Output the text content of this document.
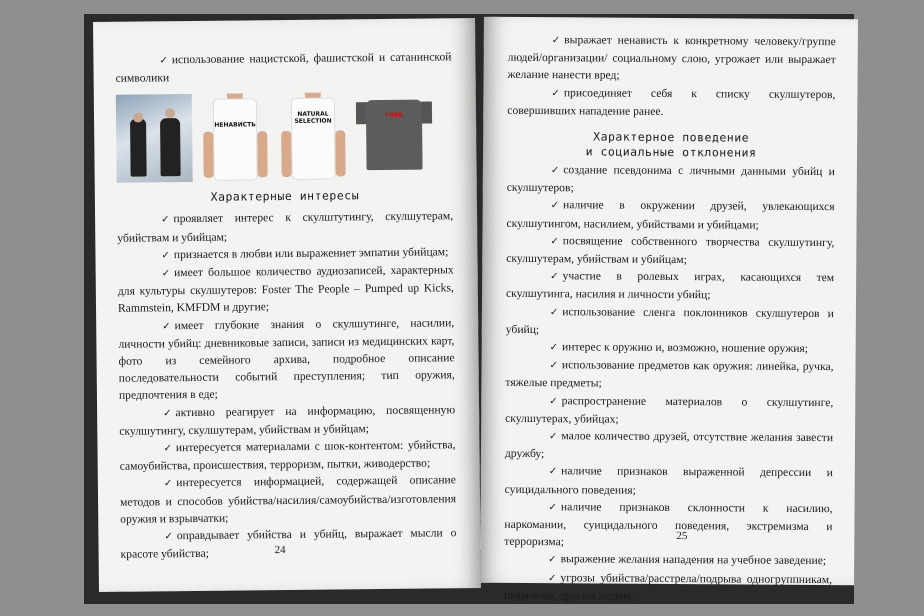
✓ использование нацистской, фашистской и сатанинской символики

НЕНАВИСТЬ
NATURAL SELECTION
ГНЕВ
Характерные интересы

✓ проявляет интерес к скулштутингу, скулшутерам, убийствам и убийцам;

✓ признается в любви или выражениет эмпатии убийцам;

✓ имеет большое количество аудиозаписей, характерных для культуры скулшутеров: Foster The People – Pumped up Kicks, Rammstein, KMFDM и другие;

✓ имеет глубокие знания о скулшутинге, насилии, личности убийц: дневниковые записи, записи из медицинских карт, фото из семейного архива, подробное описание последовательности событий преступления; тип оружия, предпочтения в еде;

✓ активно реагирует на информацию, посвященную скулшутингу, скулшутерам, убийствам и убийцам;

✓ интересуется материалами с шок-контентом: убийства, самоубийства, происшествия, терроризм, пытки, живодерство;

✓ интересуется информацией, содержащей описание методов и способов убийства/насилия/самоубийства/изготовления оружия и взрывчатки;

✓ оправдывает убийства и убийц, выражает мысли о красоте убийства;	24

✓ выражает ненависть к конкретному человеку/группе людей/организации/ социальному слою, угрожает или выражает желание нанести вред;

✓ присоединяет себя к списку скулшутеров, совершивших нападение ранее.

Характерное поведение
и социальные отклонения

✓ создание псевдонима с личными данными убийц и скулшутеров;

✓ наличие в окружении друзей, увлекающихся скулшутингом, насилием, убийствами и убийцами;

✓ посвящение собственного творчества скулшутингу, скулшутерам, убийствам и убийцам;

✓ участие в ролевых играх, касающихся тем скулшутинга, насилия и личности убийц;

✓ использование сленга поклонников скулшутеров и убийц;

✓ интерес к оружию и, возможно, ношение оружия;

✓ использование предметов как оружия: линейка, ручка, тяжелые предметы;

✓ распространение материалов о скулшутинге, скулшутерах, убийцах;

✓ малое количество друзей, отсутствие желания завести дружбу;

✓ наличие признаков выраженной депрессии и суицидального поведения;

✓ наличие признаков склонности к насилию, наркомании, суицидального поведения, экстремизма и терроризма;

✓ выражение желания нападения на учебное заведение;

✓ угрозы убийства/расстрела/подрыва одногруппникам, педагогам, другим людям;

25
